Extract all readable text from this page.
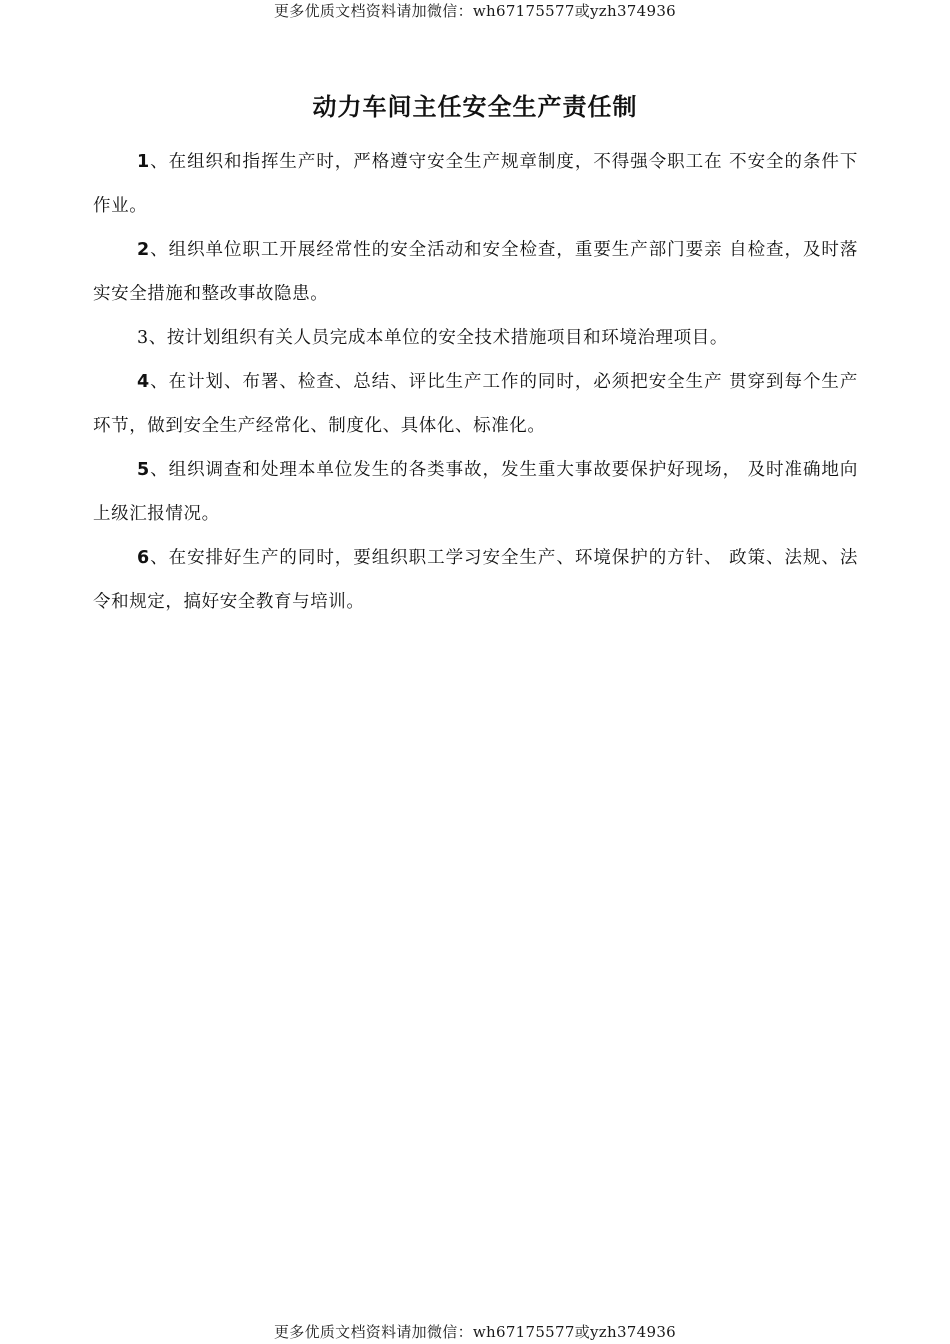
更多优质文档资料请加微信：wh67175577或yzh374936
动力车间主任安全生产责任制

1、在组织和指挥生产时，严格遵守安全生产规章制度，不得强令职工在 不安全的条件下作业。

2、组织单位职工开展经常性的安全活动和安全检查，重要生产部门要亲 自检查，及时落实安全措施和整改事故隐患。

3、按计划组织有关人员完成本单位的安全技术措施项目和环境治理项目。

4、在计划、布署、检查、总结、评比生产工作的同时，必须把安全生产 贯穿到每个生产环节，做到安全生产经常化、制度化、具体化、标准化。

5、组织调查和处理本单位发生的各类事故，发生重大事故要保护好现场， 及时准确地向上级汇报情况。

6、在安排好生产的同时，要组织职工学习安全生产、环境保护的方针、 政策、法规、法令和规定，搞好安全教育与培训。

更多优质文档资料请加微信：wh67175577或yzh374936
